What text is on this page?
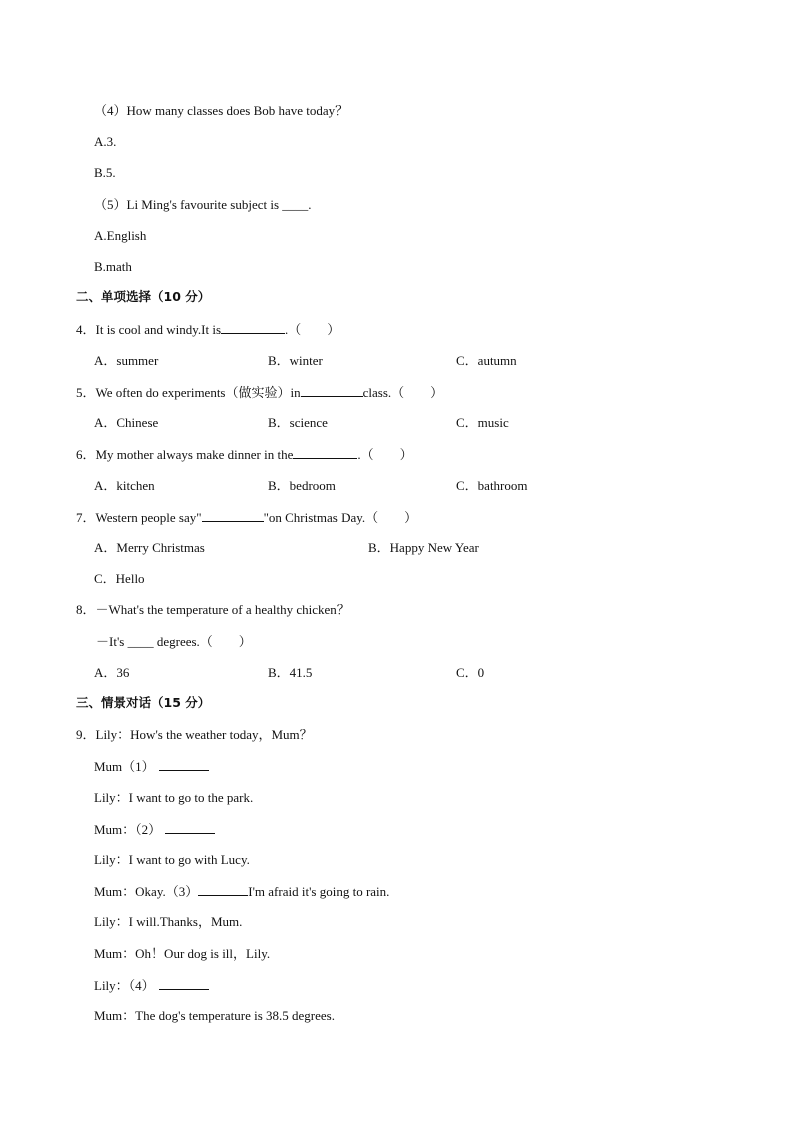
（4）How many classes does Bob have today？
A.3.
B.5.
（5）Li Ming's favourite subject is ____.
A.English
B.math
二、单项选择（10 分）
4．It is cool and windy.It is	.（　　）
A．summer	B．winter	C．autumn
5．We often do experiments（做实验）in	class.（　　）
A．Chinese	B．science	C．music
6．My mother always make dinner in the	.（　　）
A．kitchen	B．bedroom	C．bathroom
7．Western people say"	"on Christmas Day.（　　）
A．Merry Christmas	B．Happy New Year
C．Hello
8．－What's the temperature of a healthy chicken？
－It's ____ degrees.（　　）
A．36	B．41.5	C．0
三、情景对话（15 分）
9．Lily：How's the weather today，Mum？
Mum（1）
Lily：I want to go to the park.
Mum：（2）
Lily：I want to go with Lucy.
Mum：Okay.（3）	I'm afraid it's going to rain.
Lily：I will.Thanks，Mum.
Mum：Oh！Our dog is ill，Lily.
Lily：（4）
Mum：The dog's temperature is 38.5 degrees.
